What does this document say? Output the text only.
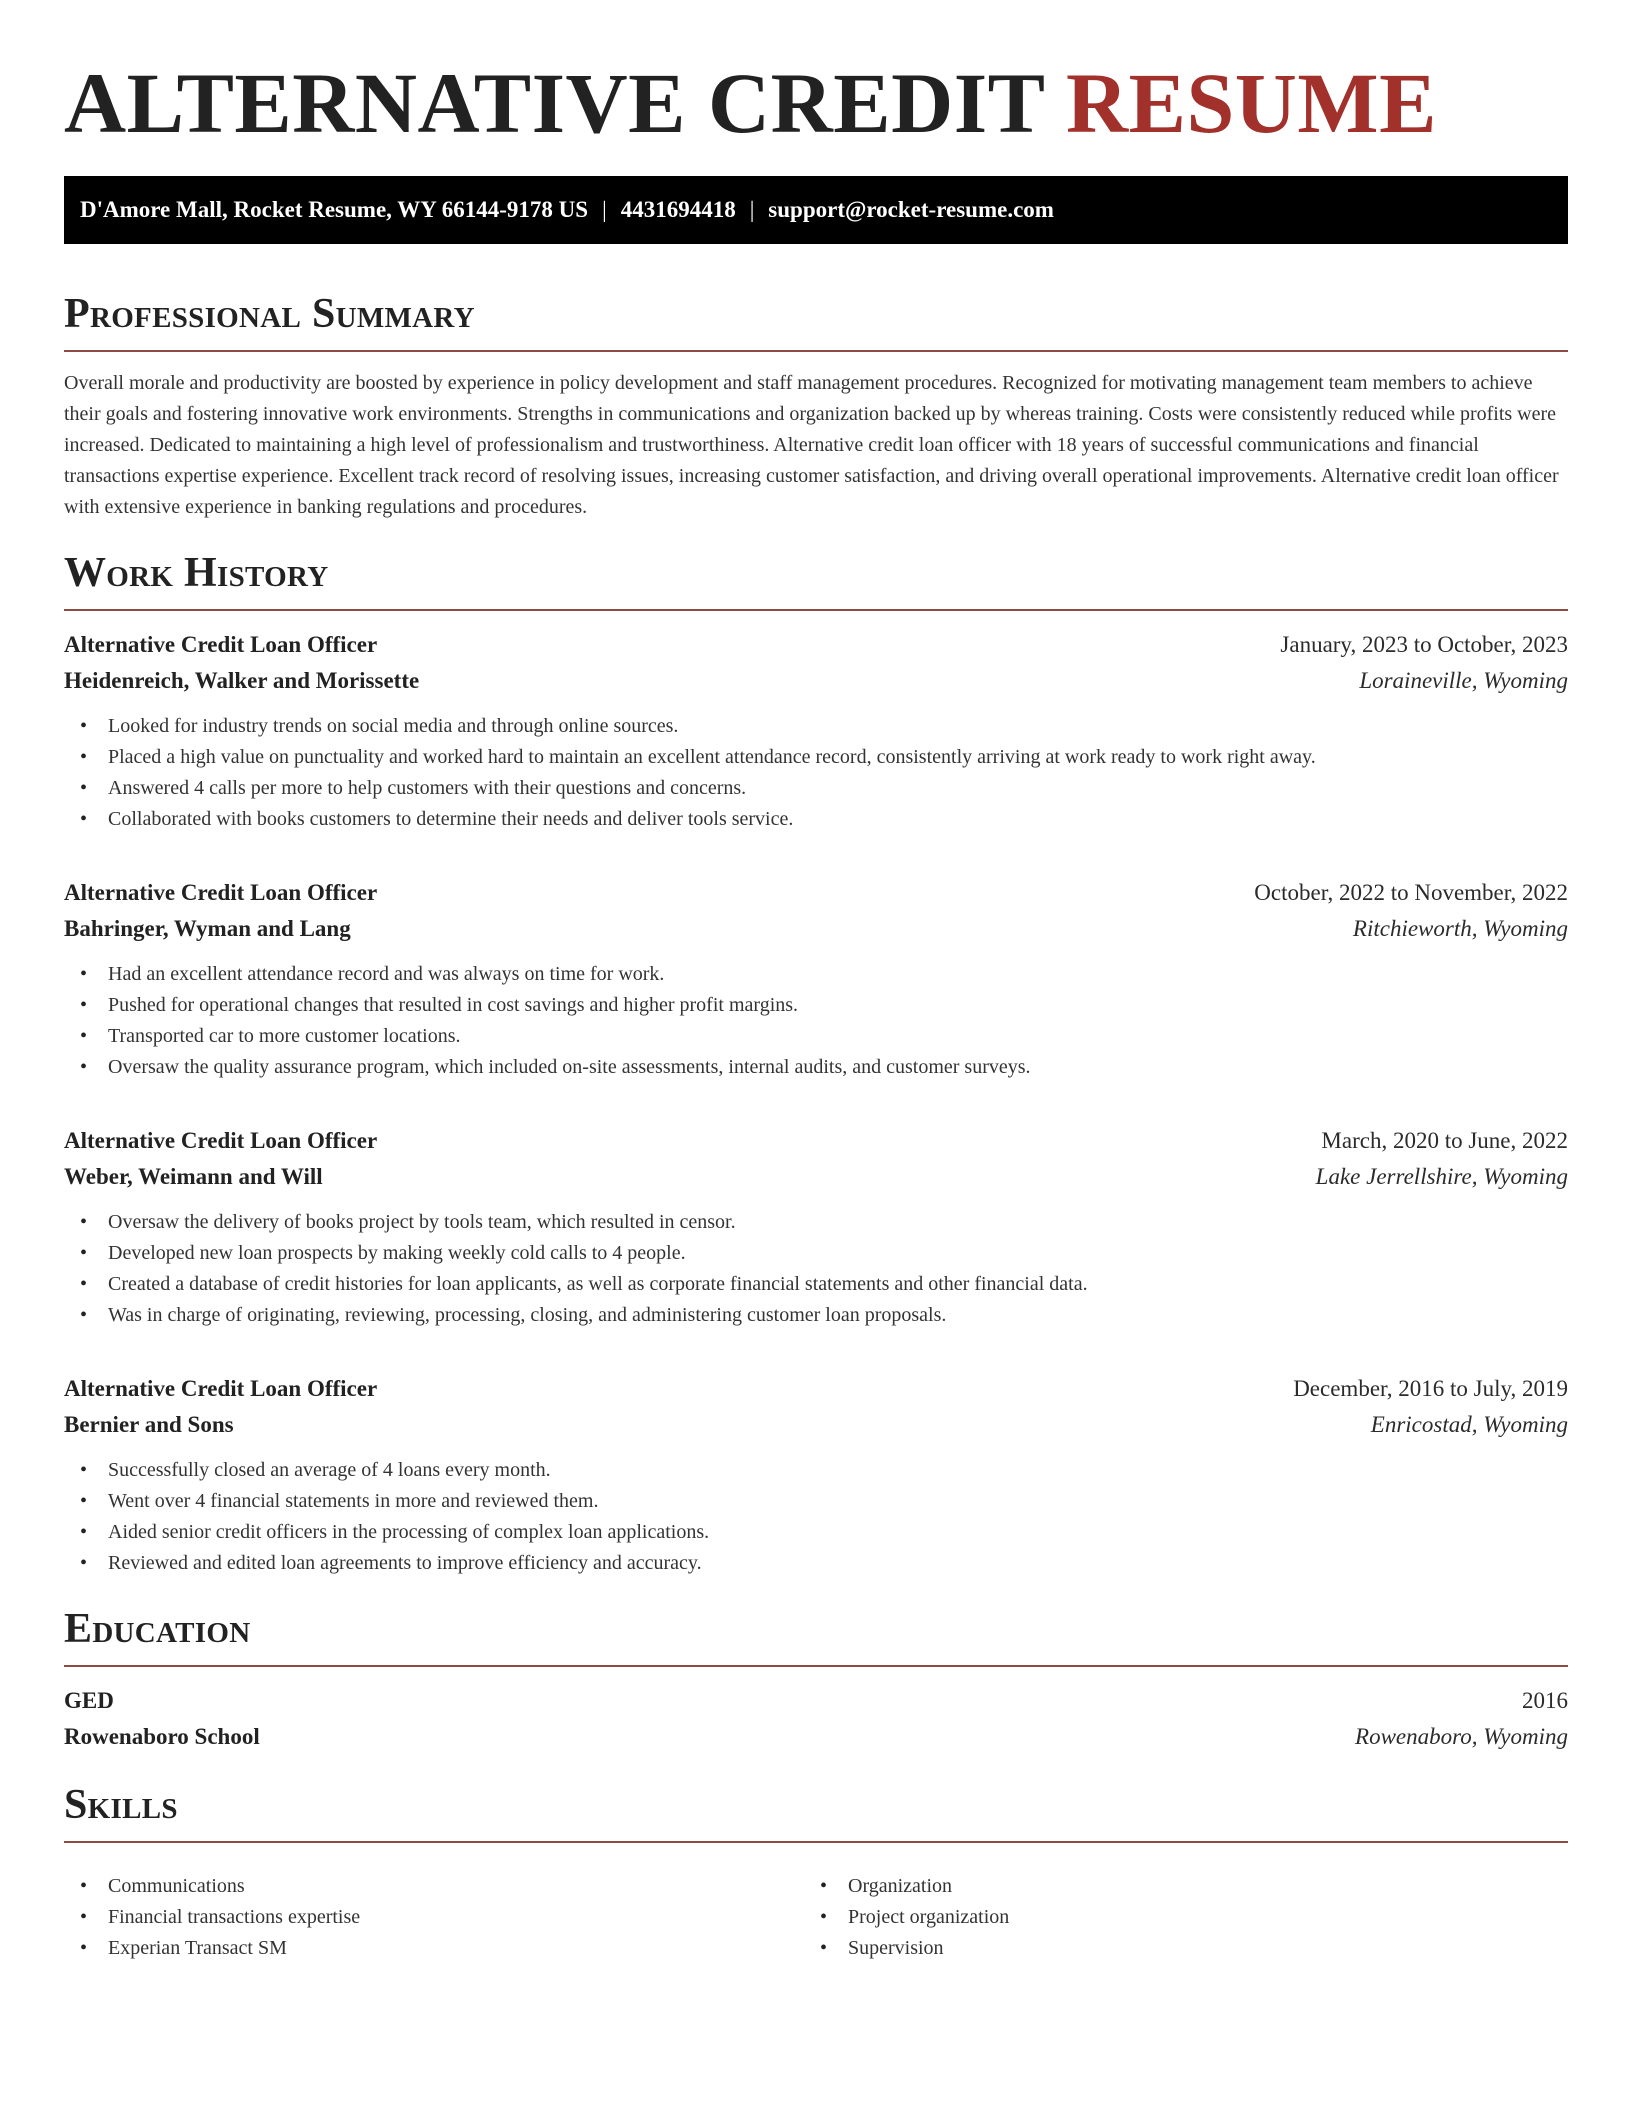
ALTERNATIVE CREDIT RESUME
D'Amore Mall, Rocket Resume, WY 66144-9178 US | 4431694418 | support@rocket-resume.com
Professional Summary

Overall morale and productivity are boosted by experience in policy development and staff management procedures. Recognized for motivating management team members to achieve their goals and fostering innovative work environments. Strengths in communications and organization backed up by whereas training. Costs were consistently reduced while profits were increased. Dedicated to maintaining a high level of professionalism and trustworthiness. Alternative credit loan officer with 18 years of successful communications and financial transactions expertise experience. Excellent track record of resolving issues, increasing customer satisfaction, and driving overall operational improvements. Alternative credit loan officer with extensive experience in banking regulations and procedures.

Work History
Alternative Credit Loan Officer	January, 2023 to October, 2023
Heidenreich, Walker and Morissette	Loraineville, Wyoming
• Looked for industry trends on social media and through online sources.
• Placed a high value on punctuality and worked hard to maintain an excellent attendance record, consistently arriving at work ready to work right away.
• Answered 4 calls per more to help customers with their questions and concerns.
• Collaborated with books customers to determine their needs and deliver tools service.
Alternative Credit Loan Officer	October, 2022 to November, 2022
Bahringer, Wyman and Lang	Ritchieworth, Wyoming
• Had an excellent attendance record and was always on time for work.
• Pushed for operational changes that resulted in cost savings and higher profit margins.
• Transported car to more customer locations.
• Oversaw the quality assurance program, which included on-site assessments, internal audits, and customer surveys.
Alternative Credit Loan Officer	March, 2020 to June, 2022
Weber, Weimann and Will	Lake Jerrellshire, Wyoming
• Oversaw the delivery of books project by tools team, which resulted in censor.
• Developed new loan prospects by making weekly cold calls to 4 people.
• Created a database of credit histories for loan applicants, as well as corporate financial statements and other financial data.
• Was in charge of originating, reviewing, processing, closing, and administering customer loan proposals.
Alternative Credit Loan Officer	December, 2016 to July, 2019
Bernier and Sons	Enricostad, Wyoming
• Successfully closed an average of 4 loans every month.
• Went over 4 financial statements in more and reviewed them.
• Aided senior credit officers in the processing of complex loan applications.
• Reviewed and edited loan agreements to improve efficiency and accuracy.
Education
GED	2016
Rowenaboro School	Rowenaboro, Wyoming
Skills
• Communications
• Financial transactions expertise
• Experian Transact SM
• Organization
• Project organization
• Supervision
